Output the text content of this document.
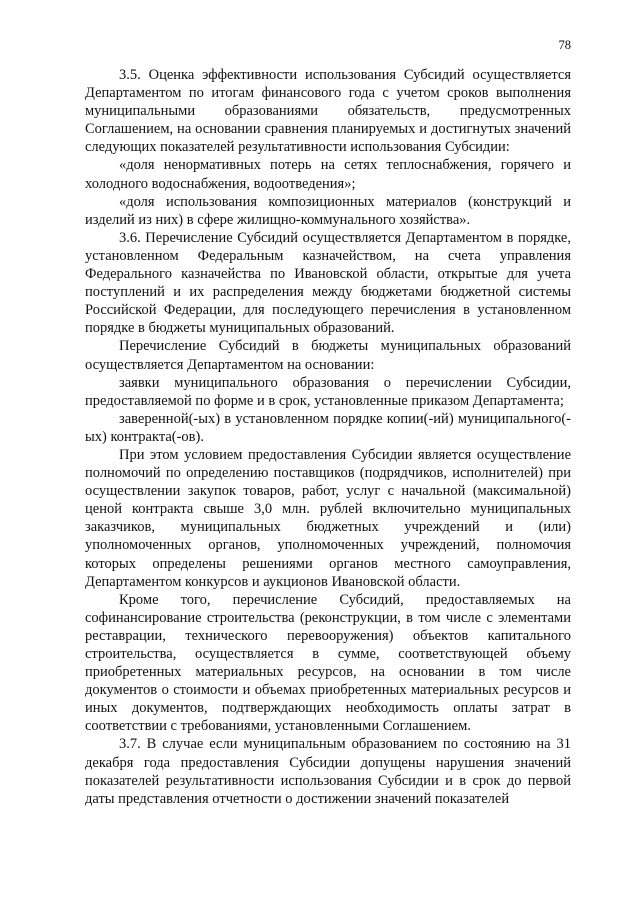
78

3.5. Оценка эффективности использования Субсидий осуществляется Департаментом по итогам финансового года с учетом сроков выполнения муниципальными образованиями обязательств, предусмотренных Соглашением, на основании сравнения планируемых и достигнутых значений следующих показателей результативности использования Субсидии:

«доля ненормативных потерь на сетях теплоснабжения, горячего и холодного водоснабжения, водоотведения»;

«доля использования композиционных материалов (конструкций и изделий из них) в сфере жилищно-коммунального хозяйства».

3.6. Перечисление Субсидий осуществляется Департаментом в порядке, установленном Федеральным казначейством, на счета управления Федерального казначейства по Ивановской области, открытые для учета поступлений и их распределения между бюджетами бюджетной системы Российской Федерации, для последующего перечисления в установленном порядке в бюджеты муниципальных образований.

Перечисление Субсидий в бюджеты муниципальных образований осуществляется Департаментом на основании:

заявки муниципального образования о перечислении Субсидии, предоставляемой по форме и в срок, установленные приказом Департамента;

заверенной(-ых) в установленном порядке копии(-ий) муниципального(-ых) контракта(-ов).

При этом условием предоставления Субсидии является осуществление полномочий по определению поставщиков (подрядчиков, исполнителей) при осуществлении закупок товаров, работ, услуг с начальной (максимальной) ценой контракта свыше 3,0 млн. рублей включительно муниципальных заказчиков, муниципальных бюджетных учреждений и (или) уполномоченных органов, уполномоченных учреждений, полномочия которых определены решениями органов местного самоуправления, Департаментом конкурсов и аукционов Ивановской области.

Кроме того, перечисление Субсидий, предоставляемых на софинансирование строительства (реконструкции, в том числе с элементами реставрации, технического перевооружения) объектов капитального строительства, осуществляется в сумме, соответствующей объему приобретенных материальных ресурсов, на основании в том числе документов о стоимости и объемах приобретенных материальных ресурсов и иных документов, подтверждающих необходимость оплаты затрат в соответствии с требованиями, установленными Соглашением.

3.7. В случае если муниципальным образованием по состоянию на 31 декабря года предоставления Субсидии допущены нарушения значений показателей результативности использования Субсидии и в срок до первой даты представления отчетности о достижении значений показателей
